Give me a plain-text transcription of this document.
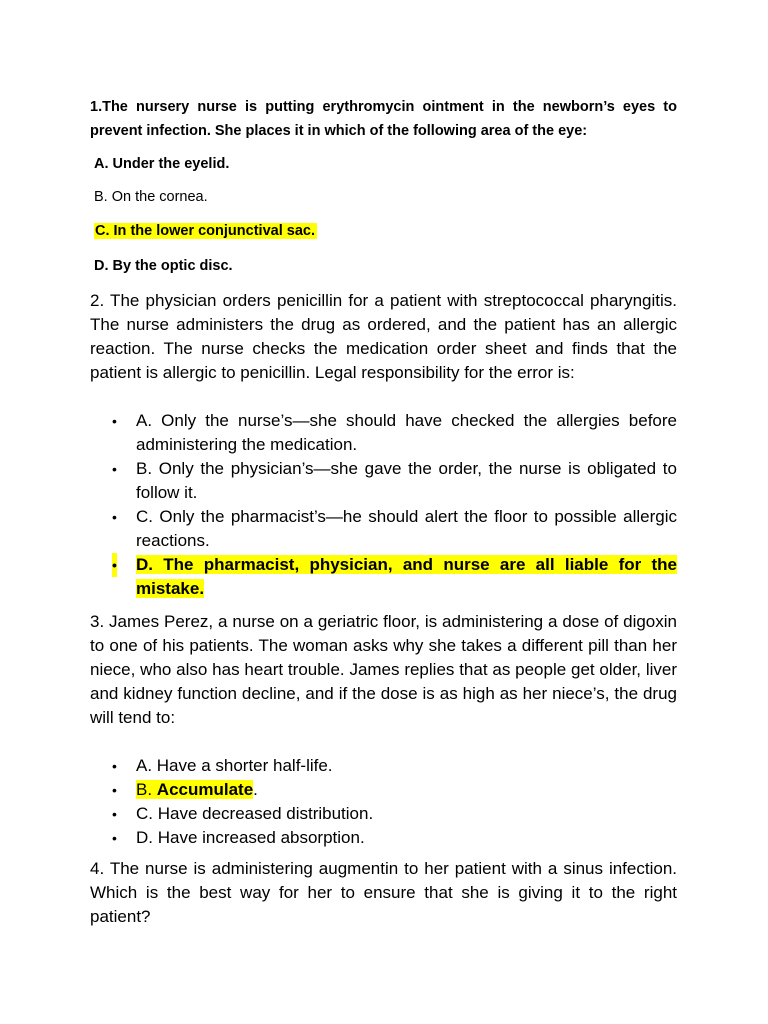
1.The nursery nurse is putting erythromycin ointment in the newborn’s eyes to prevent infection. She places it in which of the following area of the eye:
A. Under the eyelid.
B. On the cornea.
C. In the lower conjunctival sac.
D. By the optic disc.
2. The physician orders penicillin for a patient with streptococcal pharyngitis. The nurse administers the drug as ordered, and the patient has an allergic reaction. The nurse checks the medication order sheet and finds that the patient is allergic to penicillin. Legal responsibility for the error is:
• A. Only the nurse’s—she should have checked the allergies before administering the medication.
• B. Only the physician’s—she gave the order, the nurse is obligated to follow it.
• C. Only the pharmacist’s—he should alert the floor to possible allergic reactions.
• D. The pharmacist, physician, and nurse are all liable for the mistake.
3. James Perez, a nurse on a geriatric floor, is administering a dose of digoxin to one of his patients. The woman asks why she takes a different pill than her niece, who also has heart trouble. James replies that as people get older, liver and kidney function decline, and if the dose is as high as her niece’s, the drug will tend to:
• A. Have a shorter half-life.
• B. Accumulate.
• C. Have decreased distribution.
• D. Have increased absorption.
4. The nurse is administering augmentin to her patient with a sinus infection. Which is the best way for her to ensure that she is giving it to the right patient?
